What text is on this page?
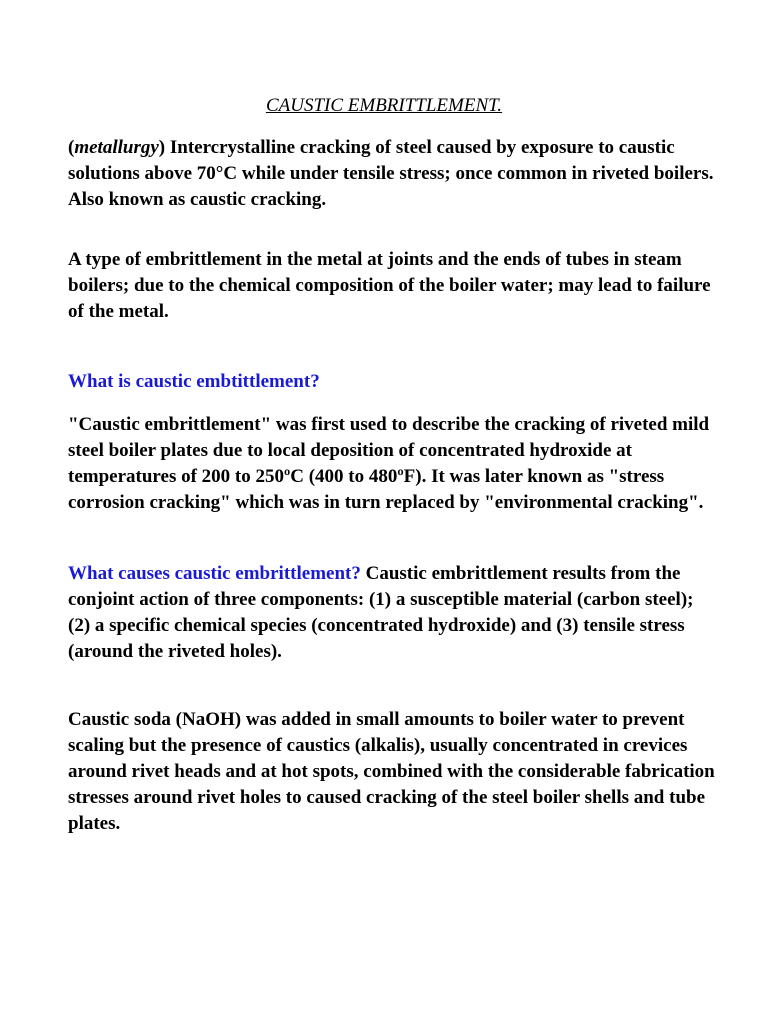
CAUSTIC EMBRITTLEMENT.

(metallurgy) Intercrystalline cracking of steel caused by exposure to caustic solutions above 70°C while under tensile stress; once common in riveted boilers. Also known as caustic cracking.

A type of embrittlement in the metal at joints and the ends of tubes in steam boilers; due to the chemical composition of the boiler water; may lead to failure of the metal.

What is caustic embtittlement?

"Caustic embrittlement" was first used to describe the cracking of riveted mild steel boiler plates due to local deposition of concentrated hydroxide at temperatures of 200 to 250ºC (400 to 480ºF). It was later known as "stress corrosion cracking" which was in turn replaced by "environmental cracking".

What causes caustic embrittlement? Caustic embrittlement results from the conjoint action of three components: (1) a susceptible material (carbon steel); (2) a specific chemical species (concentrated hydroxide) and (3) tensile stress (around the riveted holes).

Caustic soda (NaOH) was added in small amounts to boiler water to prevent scaling but the presence of caustics (alkalis), usually concentrated in crevices around rivet heads and at hot spots, combined with the considerable fabrication stresses around rivet holes to caused cracking of the steel boiler shells and tube plates.
